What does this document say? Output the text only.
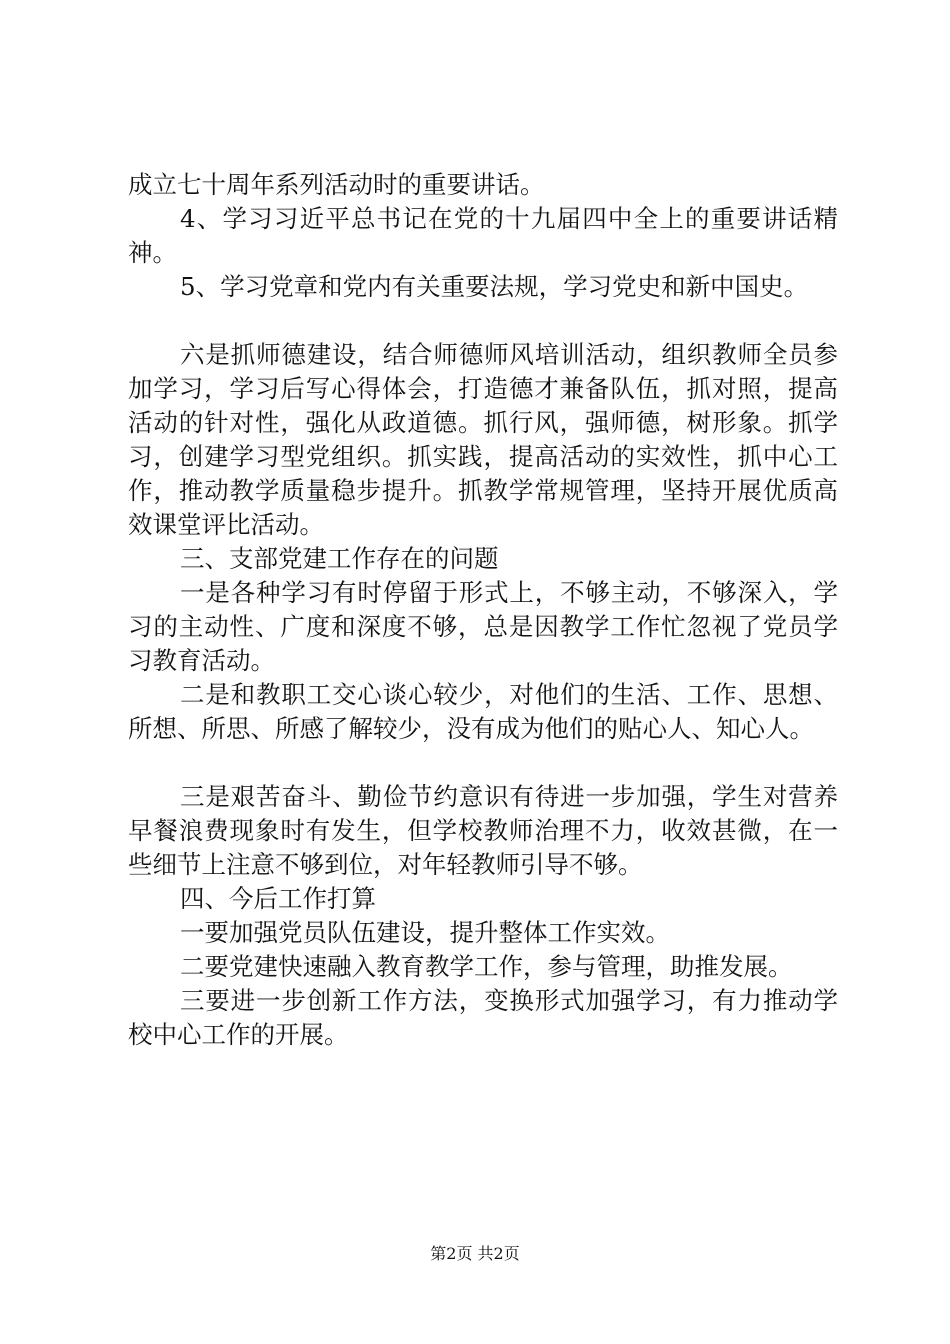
成立七十周年系列活动时的重要讲话。

4、学习习近平总书记在党的十九届四中全上的重要讲话精神。

5、学习党章和党内有关重要法规，学习党史和新中国史。

六是抓师德建设，结合师德师风培训活动，组织教师全员参加学习，学习后写心得体会，打造德才兼备队伍，抓对照，提高活动的针对性，强化从政道德。抓行风，强师德，树形象。抓学习，创建学习型党组织。抓实践，提高活动的实效性，抓中心工作，推动教学质量稳步提升。抓教学常规管理，坚持开展优质高效课堂评比活动。

三、支部党建工作存在的问题

一是各种学习有时停留于形式上，不够主动，不够深入，学习的主动性、广度和深度不够，总是因教学工作忙忽视了党员学习教育活动。

二是和教职工交心谈心较少，对他们的生活、工作、思想、所想、所思、所感了解较少，没有成为他们的贴心人、知心人。

三是艰苦奋斗、勤俭节约意识有待进一步加强，学生对营养早餐浪费现象时有发生，但学校教师治理不力，收效甚微，在一些细节上注意不够到位，对年轻教师引导不够。

四、今后工作打算

一要加强党员队伍建设，提升整体工作实效。

二要党建快速融入教育教学工作，参与管理，助推发展。

三要进一步创新工作方法，变换形式加强学习，有力推动学校中心工作的开展。

第2页 共2页
